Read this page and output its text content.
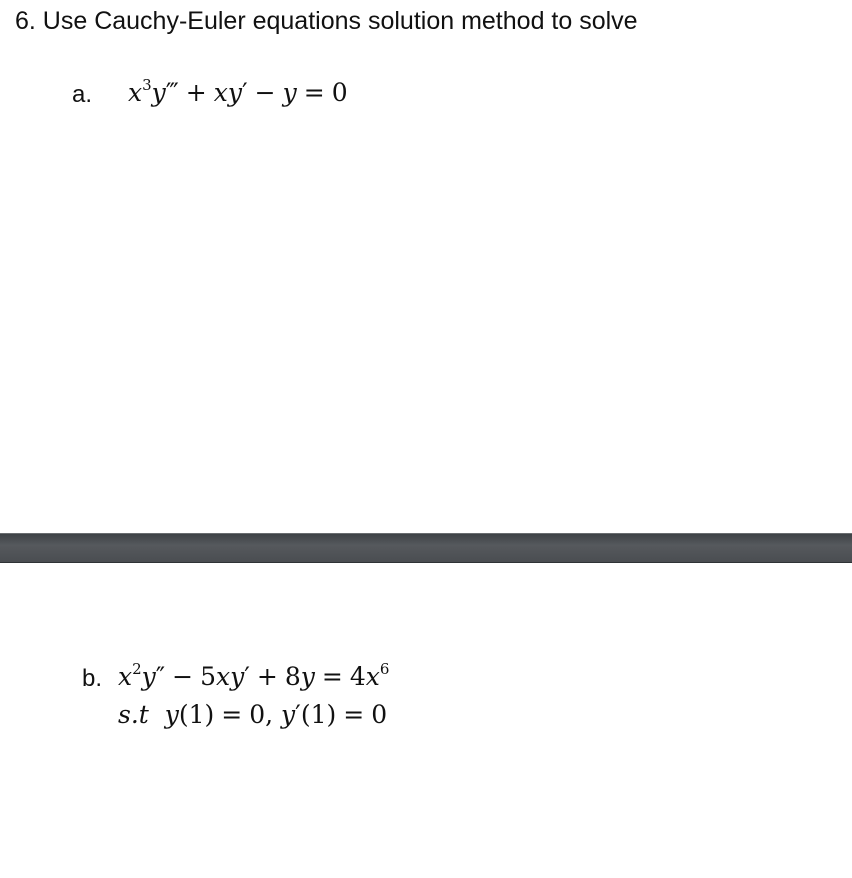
6. Use Cauchy-Euler equations solution method to solve
a. $x^3y‴ + xy' - y = 0$
b. $x^2y'' - 5xy' + 8y = 4x^6$
s.t y(1) = 0, y′(1) = 0
